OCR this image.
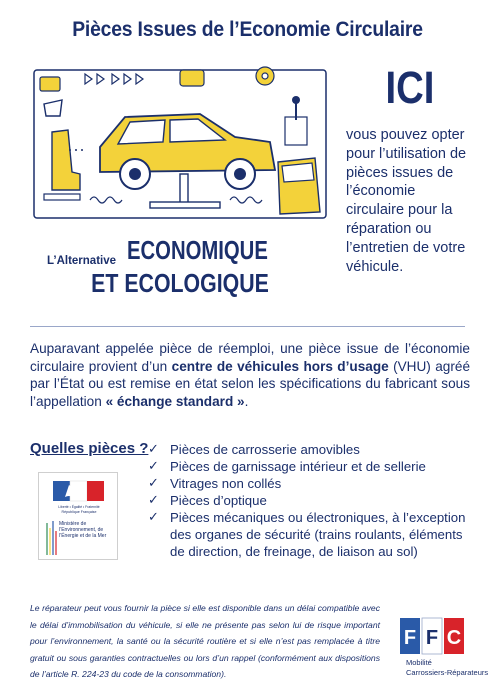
Pièces Issues de l’Economie Circulaire
ICI
vous pouvez opter pour l’utilisation de pièces issues de l’économie circulaire pour la réparation ou l’entretien de votre véhicule.
L’Alternative ECONOMIQUE
ET ECOLOGIQUE

Auparavant appelée pièce de réemploi, une pièce issue de l’économie circulaire provient d’un centre de véhicules hors d’usage (VHU) agréé par l’État ou est remise en état selon les spécifications du fabricant sous l’appellation « échange standard ».

Quelles pièces ?
✓	Pièces de carrosserie amovibles
✓ Pièces de garnissage intérieur et de sellerie
✓ Vitrages non collés
✓ Pièces d’optique
✓ Pièces mécaniques ou électroniques, à l’exception des organes de sécurité (trains roulants, éléments de direction, de freinage, de liaison au sol)
Liberté • Égalité • Fraternité
République Française
Ministère de l’Environnement, de l’Énergie et de la Mer

Le réparateur peut vous fournir la pièce si elle est disponible dans un délai compatible avec le délai d’immobilisation du véhicule, si elle ne présente pas selon lui de risque important pour l’environnement, la santé ou la sécurité routière et si elle n’est pas remplacée à titre gratuit ou sous garanties contractuelles ou lors d’un rappel (conformément aux dispositions de l’article R. 224-23 du code de la consommation).

F F C
Mobilité
Carrossiers-Réparateurs
